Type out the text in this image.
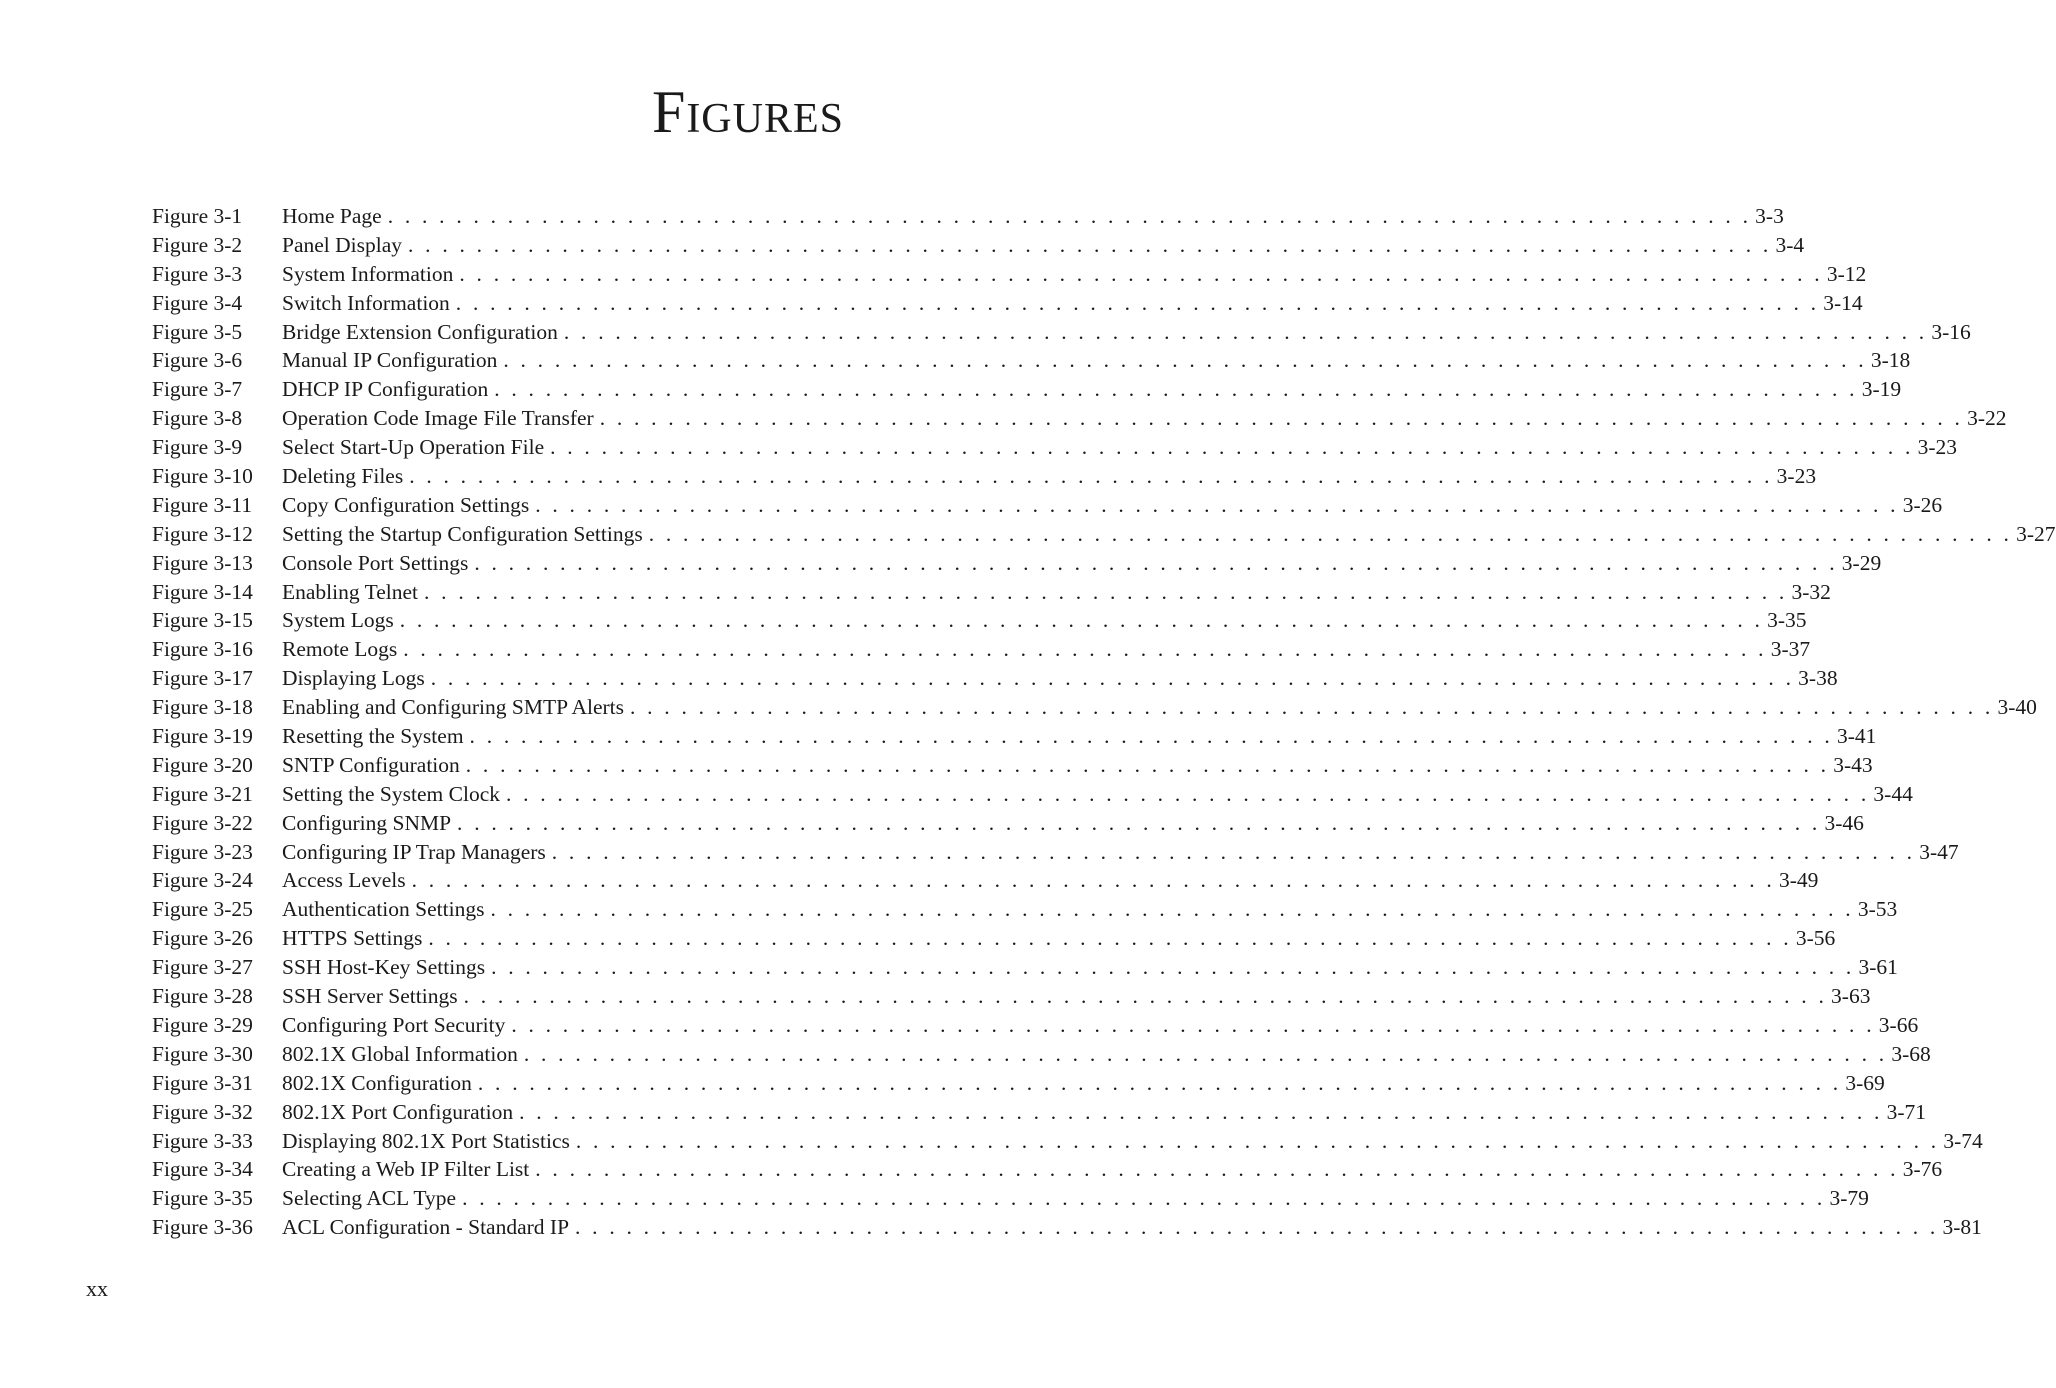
Figures
Figure 3-1	Home Page . . . . . . . . . . . . . . . . . . . . . . . . . . . . . . . . . . . . . . . . . . . . . . . . . . . . . . . . . . . . . . . . . . . . . . . . . . . . . . . . 3-3
Figure 3-2	Panel Display . . . . . . . . . . . . . . . . . . . . . . . . . . . . . . . . . . . . . . . . . . . . . . . . . . . . . . . . . . . . . . . . . . . . . . . . . . . . . . . . 3-4
Figure 3-3	System Information . . . . . . . . . . . . . . . . . . . . . . . . . . . . . . . . . . . . . . . . . . . . . . . . . . . . . . . . . . . . . . . . . . . . . . . . . . . . . . . . 3-12
Figure 3-4	Switch Information . . . . . . . . . . . . . . . . . . . . . . . . . . . . . . . . . . . . . . . . . . . . . . . . . . . . . . . . . . . . . . . . . . . . . . . . . . . . . . . . 3-14
Figure 3-5	Bridge Extension Configuration . . . . . . . . . . . . . . . . . . . . . . . . . . . . . . . . . . . . . . . . . . . . . . . . . . . . . . . . . . . . . . . . . . . . . . . . . . . . . . . . 3-16
Figure 3-6	Manual IP Configuration . . . . . . . . . . . . . . . . . . . . . . . . . . . . . . . . . . . . . . . . . . . . . . . . . . . . . . . . . . . . . . . . . . . . . . . . . . . . . . . . 3-18
Figure 3-7	DHCP IP Configuration . . . . . . . . . . . . . . . . . . . . . . . . . . . . . . . . . . . . . . . . . . . . . . . . . . . . . . . . . . . . . . . . . . . . . . . . . . . . . . . . 3-19
Figure 3-8	Operation Code Image File Transfer . . . . . . . . . . . . . . . . . . . . . . . . . . . . . . . . . . . . . . . . . . . . . . . . . . . . . . . . . . . . . . . . . . . . . . . . . . . . . . . . 3-22
Figure 3-9	Select Start-Up Operation File . . . . . . . . . . . . . . . . . . . . . . . . . . . . . . . . . . . . . . . . . . . . . . . . . . . . . . . . . . . . . . . . . . . . . . . . . . . . . . . . 3-23
Figure 3-10	Deleting Files . . . . . . . . . . . . . . . . . . . . . . . . . . . . . . . . . . . . . . . . . . . . . . . . . . . . . . . . . . . . . . . . . . . . . . . . . . . . . . . . 3-23
Figure 3-11	Copy Configuration Settings . . . . . . . . . . . . . . . . . . . . . . . . . . . . . . . . . . . . . . . . . . . . . . . . . . . . . . . . . . . . . . . . . . . . . . . . . . . . . . . . 3-26
Figure 3-12	Setting the Startup Configuration Settings . . . . . . . . . . . . . . . . . . . . . . . . . . . . . . . . . . . . . . . . . . . . . . . . . . . . . . . . . . . . . . . . . . . . . . . . . . . . . . . . 3-27
Figure 3-13	Console Port Settings . . . . . . . . . . . . . . . . . . . . . . . . . . . . . . . . . . . . . . . . . . . . . . . . . . . . . . . . . . . . . . . . . . . . . . . . . . . . . . . . 3-29
Figure 3-14	Enabling Telnet . . . . . . . . . . . . . . . . . . . . . . . . . . . . . . . . . . . . . . . . . . . . . . . . . . . . . . . . . . . . . . . . . . . . . . . . . . . . . . . . 3-32
Figure 3-15	System Logs . . . . . . . . . . . . . . . . . . . . . . . . . . . . . . . . . . . . . . . . . . . . . . . . . . . . . . . . . . . . . . . . . . . . . . . . . . . . . . . . 3-35
Figure 3-16	Remote Logs . . . . . . . . . . . . . . . . . . . . . . . . . . . . . . . . . . . . . . . . . . . . . . . . . . . . . . . . . . . . . . . . . . . . . . . . . . . . . . . . 3-37
Figure 3-17	Displaying Logs . . . . . . . . . . . . . . . . . . . . . . . . . . . . . . . . . . . . . . . . . . . . . . . . . . . . . . . . . . . . . . . . . . . . . . . . . . . . . . . . 3-38
Figure 3-18	Enabling and Configuring SMTP Alerts . . . . . . . . . . . . . . . . . . . . . . . . . . . . . . . . . . . . . . . . . . . . . . . . . . . . . . . . . . . . . . . . . . . . . . . . . . . . . . . . 3-40
Figure 3-19	Resetting the System . . . . . . . . . . . . . . . . . . . . . . . . . . . . . . . . . . . . . . . . . . . . . . . . . . . . . . . . . . . . . . . . . . . . . . . . . . . . . . . . 3-41
Figure 3-20	SNTP Configuration . . . . . . . . . . . . . . . . . . . . . . . . . . . . . . . . . . . . . . . . . . . . . . . . . . . . . . . . . . . . . . . . . . . . . . . . . . . . . . . . 3-43
Figure 3-21	Setting the System Clock . . . . . . . . . . . . . . . . . . . . . . . . . . . . . . . . . . . . . . . . . . . . . . . . . . . . . . . . . . . . . . . . . . . . . . . . . . . . . . . . 3-44
Figure 3-22	Configuring SNMP . . . . . . . . . . . . . . . . . . . . . . . . . . . . . . . . . . . . . . . . . . . . . . . . . . . . . . . . . . . . . . . . . . . . . . . . . . . . . . . . 3-46
Figure 3-23	Configuring IP Trap Managers . . . . . . . . . . . . . . . . . . . . . . . . . . . . . . . . . . . . . . . . . . . . . . . . . . . . . . . . . . . . . . . . . . . . . . . . . . . . . . . . 3-47
Figure 3-24	Access Levels . . . . . . . . . . . . . . . . . . . . . . . . . . . . . . . . . . . . . . . . . . . . . . . . . . . . . . . . . . . . . . . . . . . . . . . . . . . . . . . . 3-49
Figure 3-25	Authentication Settings . . . . . . . . . . . . . . . . . . . . . . . . . . . . . . . . . . . . . . . . . . . . . . . . . . . . . . . . . . . . . . . . . . . . . . . . . . . . . . . . 3-53
Figure 3-26	HTTPS Settings . . . . . . . . . . . . . . . . . . . . . . . . . . . . . . . . . . . . . . . . . . . . . . . . . . . . . . . . . . . . . . . . . . . . . . . . . . . . . . . . 3-56
Figure 3-27	SSH Host-Key Settings . . . . . . . . . . . . . . . . . . . . . . . . . . . . . . . . . . . . . . . . . . . . . . . . . . . . . . . . . . . . . . . . . . . . . . . . . . . . . . . . 3-61
Figure 3-28	SSH Server Settings . . . . . . . . . . . . . . . . . . . . . . . . . . . . . . . . . . . . . . . . . . . . . . . . . . . . . . . . . . . . . . . . . . . . . . . . . . . . . . . . 3-63
Figure 3-29	Configuring Port Security . . . . . . . . . . . . . . . . . . . . . . . . . . . . . . . . . . . . . . . . . . . . . . . . . . . . . . . . . . . . . . . . . . . . . . . . . . . . . . . . 3-66
Figure 3-30	802.1X Global Information . . . . . . . . . . . . . . . . . . . . . . . . . . . . . . . . . . . . . . . . . . . . . . . . . . . . . . . . . . . . . . . . . . . . . . . . . . . . . . . . 3-68
Figure 3-31	802.1X Configuration . . . . . . . . . . . . . . . . . . . . . . . . . . . . . . . . . . . . . . . . . . . . . . . . . . . . . . . . . . . . . . . . . . . . . . . . . . . . . . . . 3-69
Figure 3-32	802.1X Port Configuration . . . . . . . . . . . . . . . . . . . . . . . . . . . . . . . . . . . . . . . . . . . . . . . . . . . . . . . . . . . . . . . . . . . . . . . . . . . . . . . . 3-71
Figure 3-33	Displaying 802.1X Port Statistics . . . . . . . . . . . . . . . . . . . . . . . . . . . . . . . . . . . . . . . . . . . . . . . . . . . . . . . . . . . . . . . . . . . . . . . . . . . . . . . . 3-74
Figure 3-34	Creating a Web IP Filter List . . . . . . . . . . . . . . . . . . . . . . . . . . . . . . . . . . . . . . . . . . . . . . . . . . . . . . . . . . . . . . . . . . . . . . . . . . . . . . . . 3-76
Figure 3-35	Selecting ACL Type . . . . . . . . . . . . . . . . . . . . . . . . . . . . . . . . . . . . . . . . . . . . . . . . . . . . . . . . . . . . . . . . . . . . . . . . . . . . . . . . 3-79
Figure 3-36	ACL Configuration - Standard IP . . . . . . . . . . . . . . . . . . . . . . . . . . . . . . . . . . . . . . . . . . . . . . . . . . . . . . . . . . . . . . . . . . . . . . . . . . . . . . . . 3-81
xx
